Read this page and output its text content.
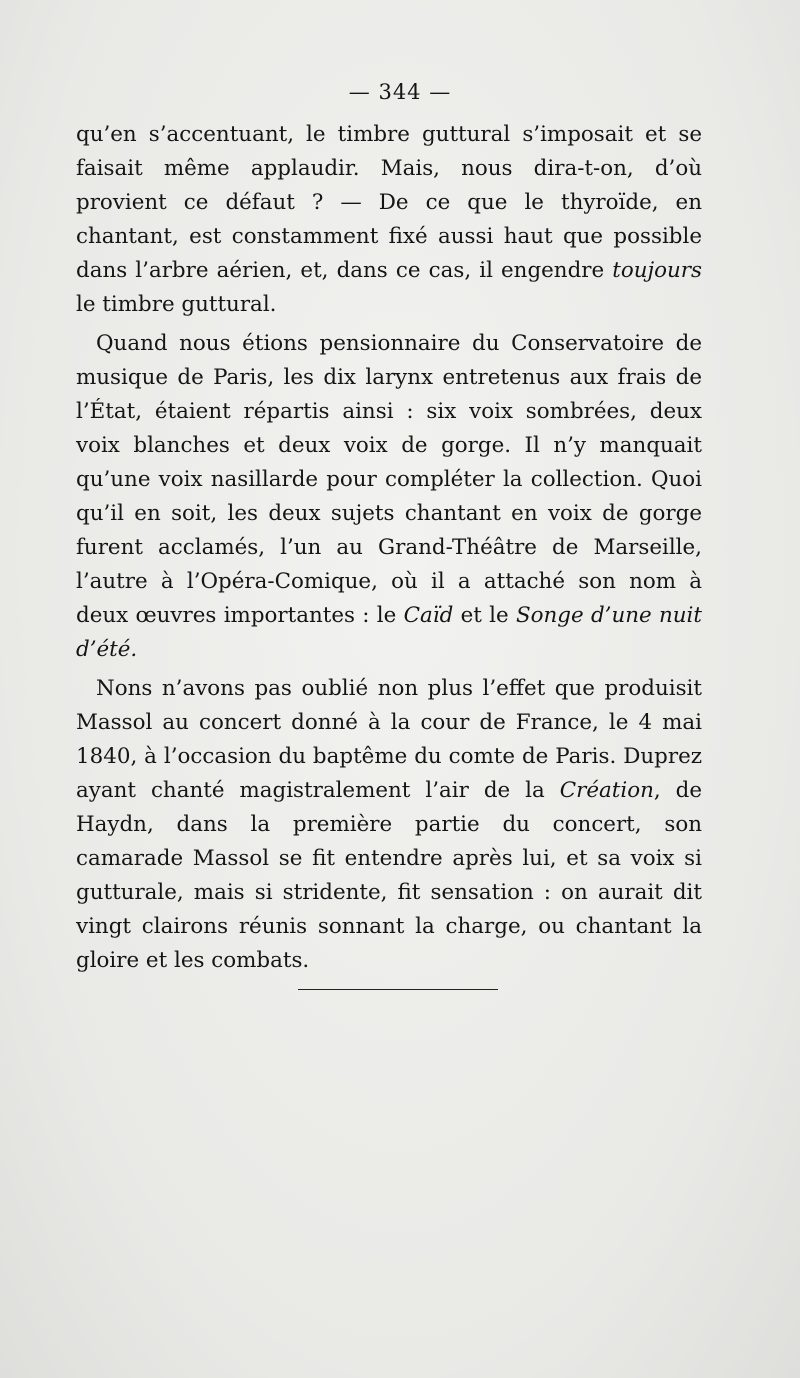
— 344 —

qu’en s’accentuant, le timbre guttural s’imposait et se faisait même applaudir. Mais, nous dira-t-on, d’où provient ce défaut ? — De ce que le thyroïde, en chantant, est constamment fixé aussi haut que possible dans l’arbre aérien, et, dans ce cas, il engendre toujours le timbre guttural.

Quand nous étions pensionnaire du Conservatoire de musique de Paris, les dix larynx entretenus aux frais de l’État, étaient répartis ainsi : six voix sombrées, deux voix blanches et deux voix de gorge. Il n’y manquait qu’une voix nasillarde pour compléter la collection. Quoi qu’il en soit, les deux sujets chantant en voix de gorge furent acclamés, l’un au Grand-Théâtre de Marseille, l’autre à l’Opéra-Comique, où il a attaché son nom à deux œuvres importantes : le Caïd et le Songe d’une nuit d’été.

Nons n’avons pas oublié non plus l’effet que produisit Massol au concert donné à la cour de France, le 4 mai 1840, à l’occasion du baptême du comte de Paris. Duprez ayant chanté magistralement l’air de la Création, de Haydn, dans la première partie du concert, son camarade Massol se fit entendre après lui, et sa voix si gutturale, mais si stridente, fit sensation : on aurait dit vingt clairons réunis sonnant la charge, ou chantant la gloire et les combats.
